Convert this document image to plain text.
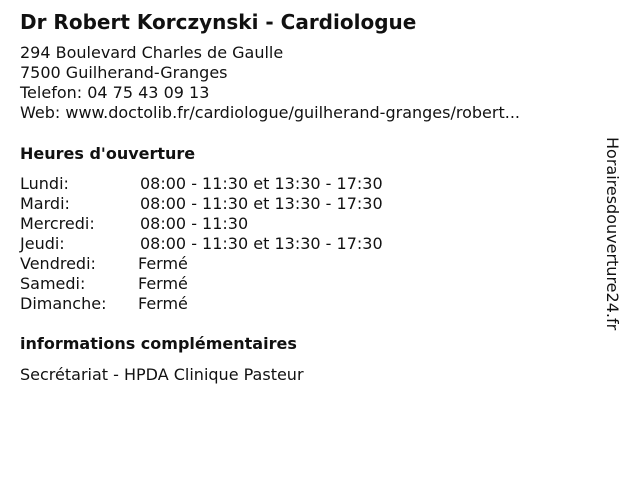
Dr Robert Korczynski - Cardiologue
294 Boulevard Charles de Gaulle
7500 Guilherand-Granges
Telefon: 04 75 43 09 13
Web: www.doctolib.fr/cardiologue/guilherand-granges/robert...
Heures d'ouverture
Lundi:	08:00 - 11:30 et 13:30 - 17:30
Mardi:	08:00 - 11:30 et 13:30 - 17:30
Mercredi:	08:00 - 11:30
Jeudi:	08:00 - 11:30 et 13:30 - 17:30
Vendredi:	Fermé
Samedi:	Fermé
Dimanche: Fermé
informations complémentaires
Secrétariat - HPDA Clinique Pasteur
Horairesdouverture24.fr
